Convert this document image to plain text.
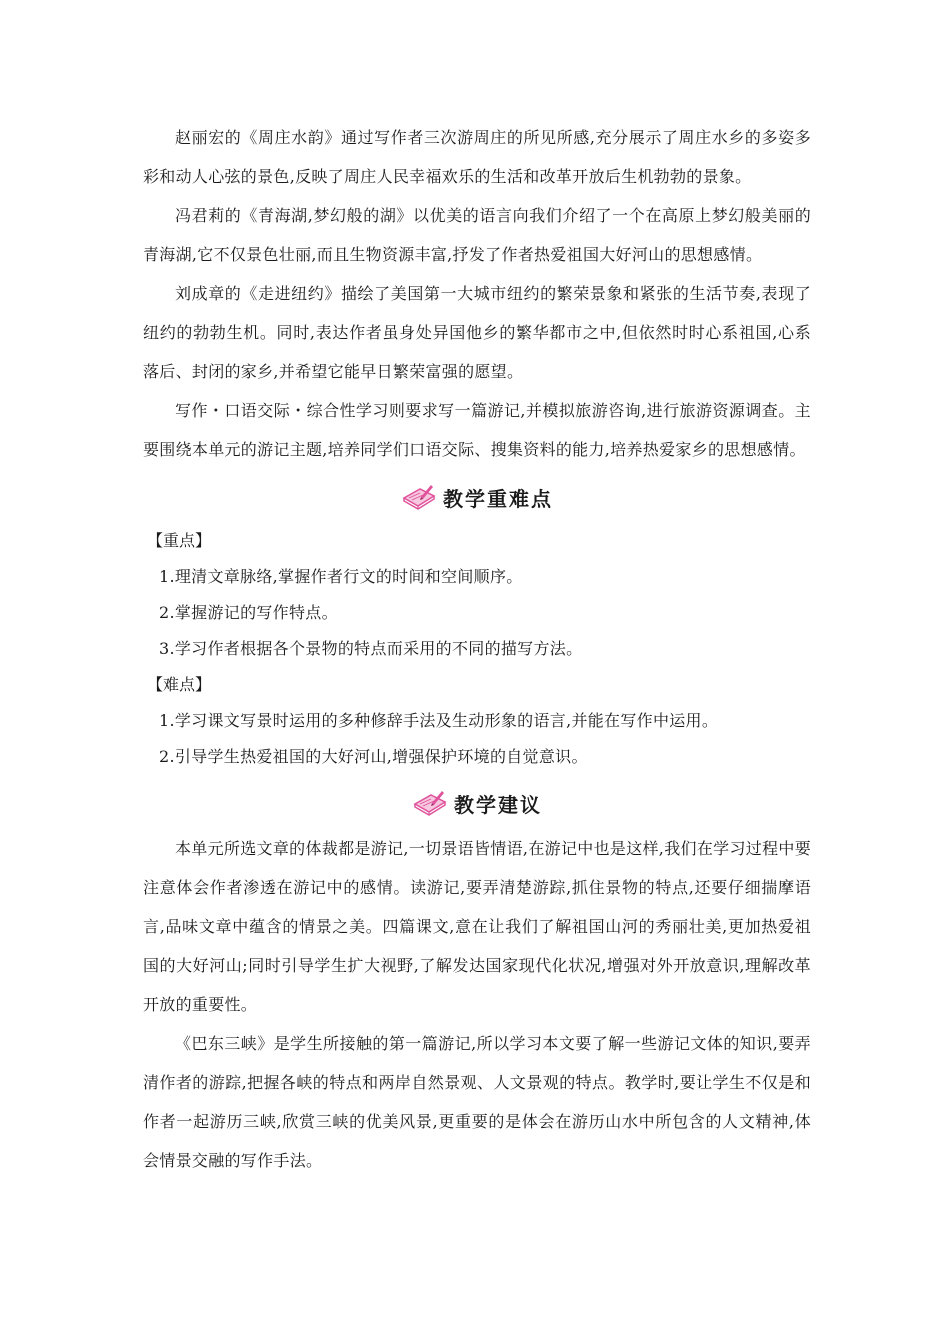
赵丽宏的《周庄水韵》通过写作者三次游周庄的所见所感,充分展示了周庄水乡的多姿多彩和动人心弦的景色,反映了周庄人民幸福欢乐的生活和改革开放后生机勃勃的景象。

冯君莉的《青海湖,梦幻般的湖》以优美的语言向我们介绍了一个在高原上梦幻般美丽的青海湖,它不仅景色壮丽,而且生物资源丰富,抒发了作者热爱祖国大好河山的思想感情。

刘成章的《走进纽约》描绘了美国第一大城市纽约的繁荣景象和紧张的生活节奏,表现了纽约的勃勃生机。同时,表达作者虽身处异国他乡的繁华都市之中,但依然时时心系祖国,心系落后、封闭的家乡,并希望它能早日繁荣富强的愿望。

写作・口语交际・综合性学习则要求写一篇游记,并模拟旅游咨询,进行旅游资源调查。主要围绕本单元的游记主题,培养同学们口语交际、搜集资料的能力,培养热爱家乡的思想感情。

教学重难点

【重点】

1.理清文章脉络,掌握作者行文的时间和空间顺序。

2.掌握游记的写作特点。

3.学习作者根据各个景物的特点而采用的不同的描写方法。

【难点】

1.学习课文写景时运用的多种修辞手法及生动形象的语言,并能在写作中运用。

2.引导学生热爱祖国的大好河山,增强保护环境的自觉意识。

教学建议

本单元所选文章的体裁都是游记,一切景语皆情语,在游记中也是这样,我们在学习过程中要注意体会作者渗透在游记中的感情。读游记,要弄清楚游踪,抓住景物的特点,还要仔细揣摩语言,品味文章中蕴含的情景之美。四篇课文,意在让我们了解祖国山河的秀丽壮美,更加热爱祖国的大好河山;同时引导学生扩大视野,了解发达国家现代化状况,增强对外开放意识,理解改革开放的重要性。

《巴东三峡》是学生所接触的第一篇游记,所以学习本文要了解一些游记文体的知识,要弄清作者的游踪,把握各峡的特点和两岸自然景观、人文景观的特点。教学时,要让学生不仅是和作者一起游历三峡,欣赏三峡的优美风景,更重要的是体会在游历山水中所包含的人文精神,体会情景交融的写作手法。
